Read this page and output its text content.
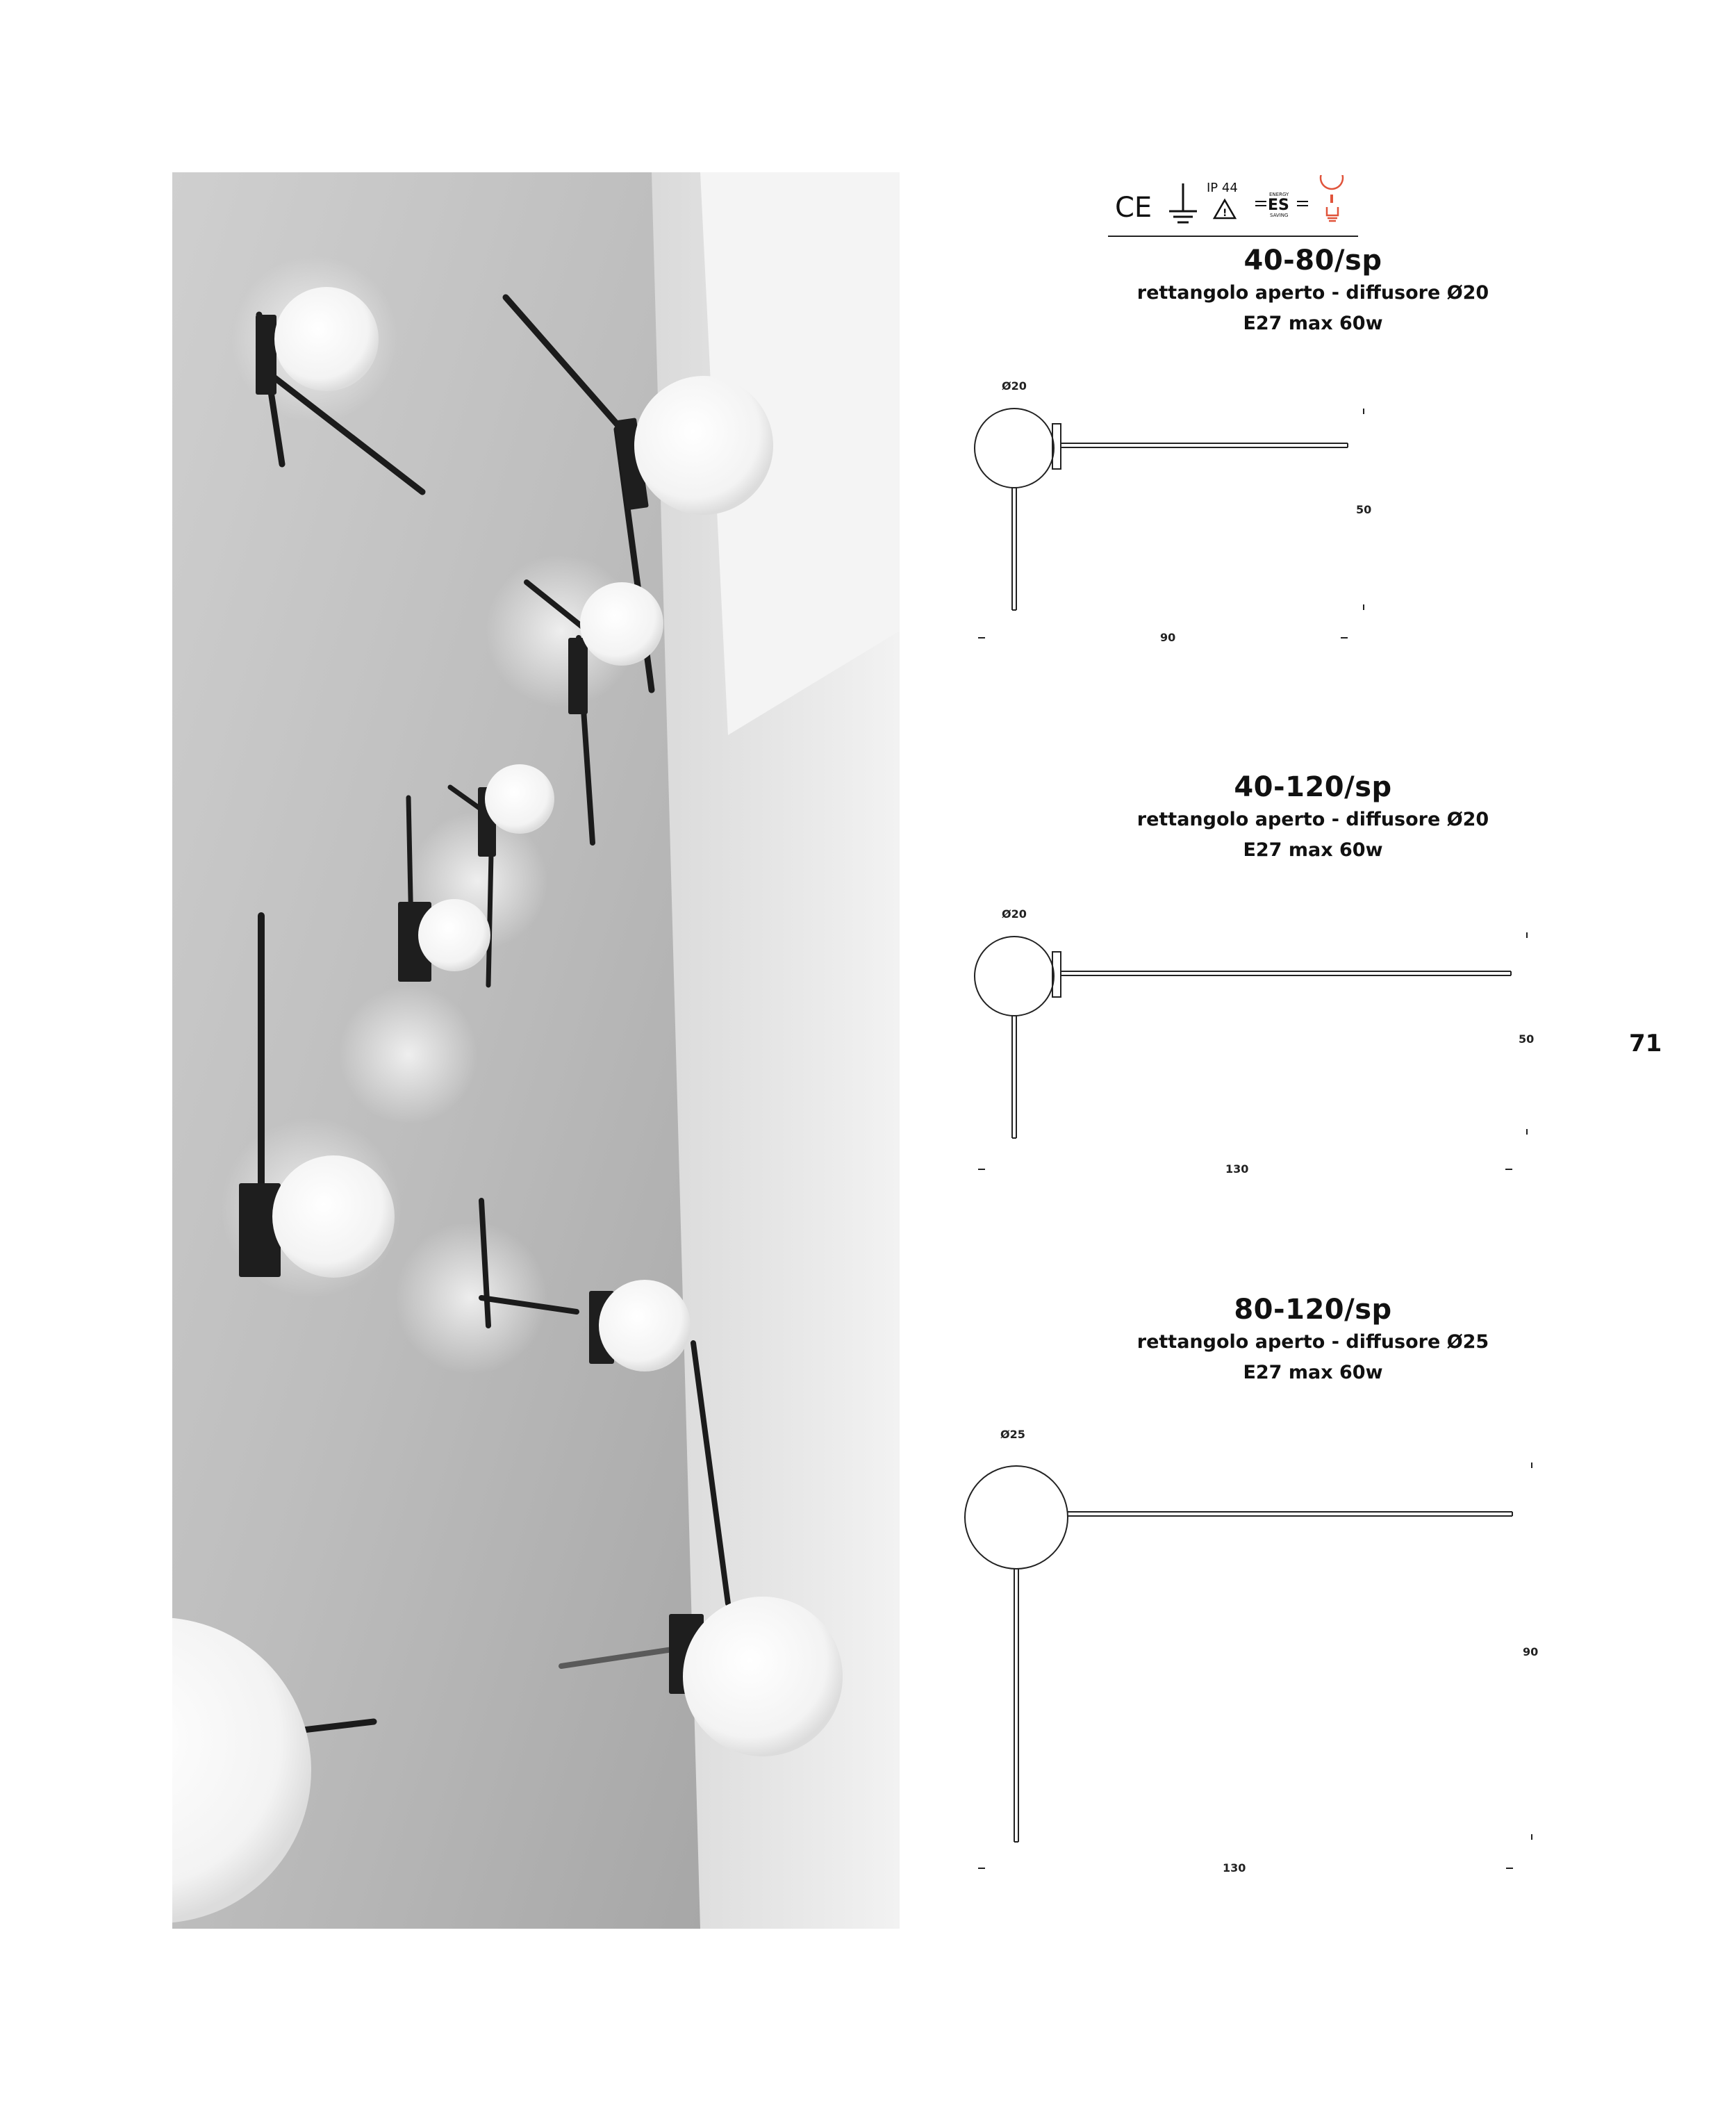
CE
IP 44
!
ENERGY
ES
SAVING
40-80/sp
rettangolo aperto - diffusore Ø20
E27 max 60w
Ø20
90
50
40-120/sp
rettangolo aperto - diffusore Ø20
E27 max 60w
Ø20
130
50
80-120/sp
rettangolo aperto - diffusore Ø25
E27 max 60w
Ø25
130
90
71
